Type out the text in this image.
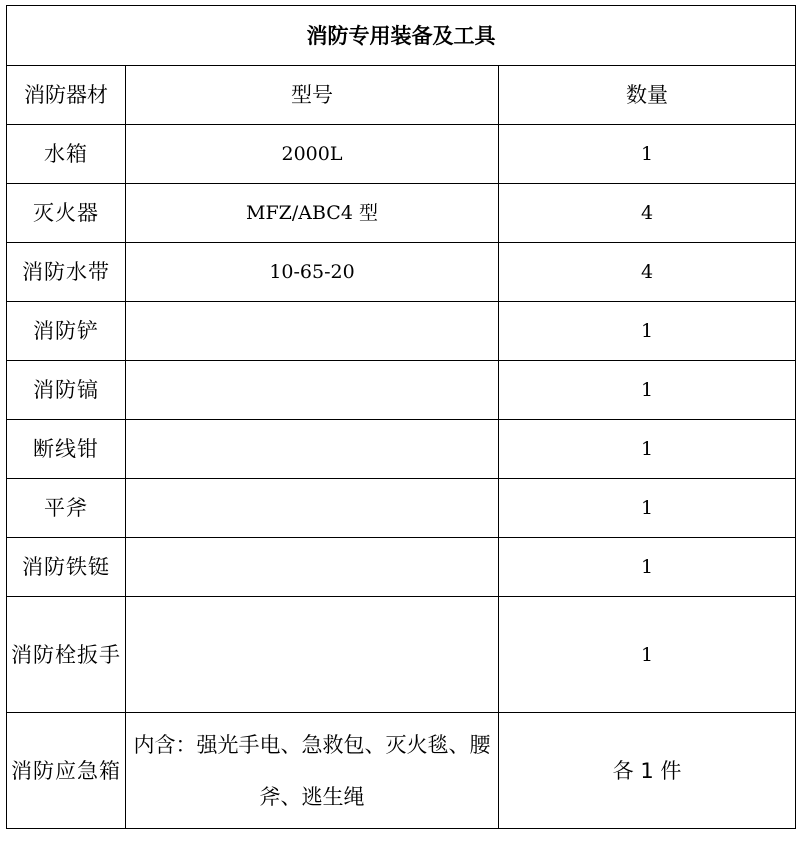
消防专用装备及工具		
消防器材	型号	数量
水箱	2000L	1
灭火器	MFZ/ABC4 型	4
消防水带	10-65-20	4
消防铲		1
消防镐		1
断线钳		1
平斧		1
消防铁铤		1
消防栓扳手		1
消防应急箱	内含：强光手电、急救包、灭火毯、腰斧、逃生绳	各 1 件
